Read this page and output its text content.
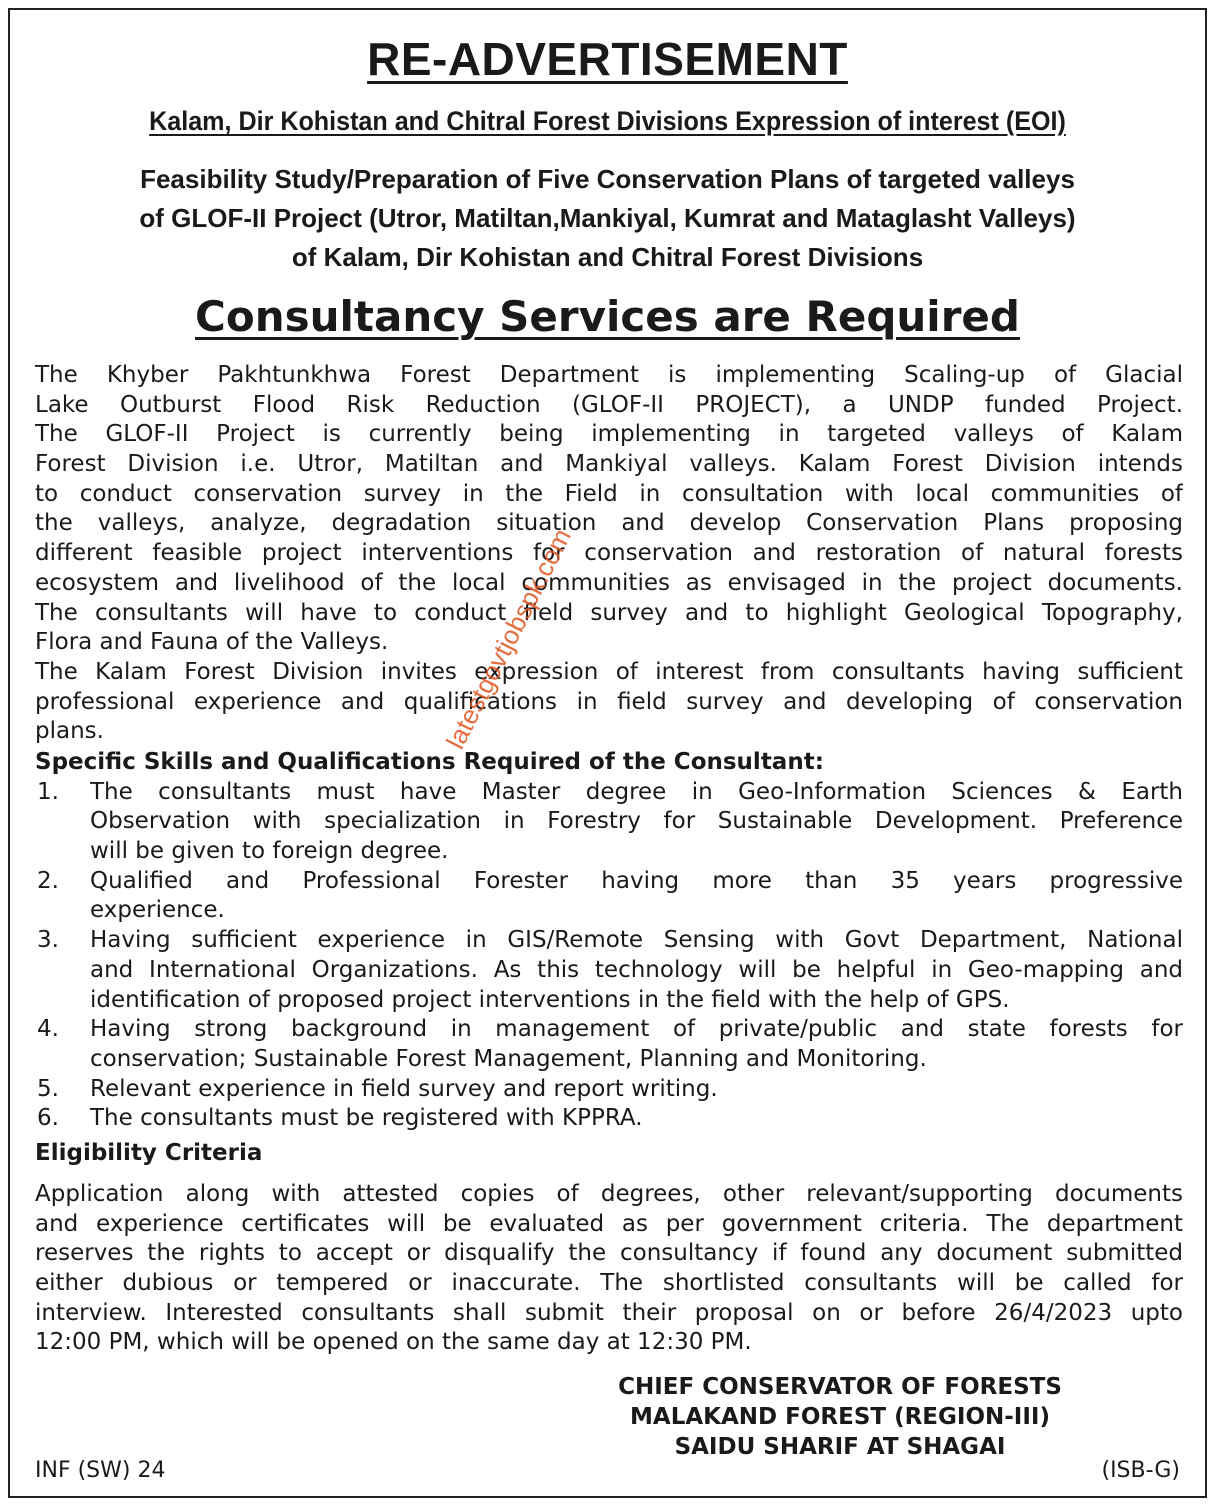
RE-ADVERTISEMENT
Kalam, Dir Kohistan and Chitral Forest Divisions Expression of interest (EOI)
Feasibility Study/Preparation of Five Conservation Plans of targeted valleys
of GLOF-II Project (Utror, Matiltan,Mankiyal, Kumrat and Mataglasht Valleys)
of Kalam, Dir Kohistan and Chitral Forest Divisions
Consultancy Services are Required
The Khyber Pakhtunkhwa Forest Department is implementing Scaling-up of Glacial
Lake Outburst Flood Risk Reduction (GLOF-II PROJECT), a UNDP funded Project.
The GLOF-II Project is currently being implementing in targeted valleys of Kalam
Forest Division i.e. Utror, Matiltan and Mankiyal valleys. Kalam Forest Division intends
to conduct conservation survey in the Field in consultation with local communities of
the valleys, analyze, degradation situation and develop Conservation Plans proposing
different feasible project interventions for conservation and restoration of natural forests
ecosystem and livelihood of the local communities as envisaged in the project documents.
The consultants will have to conduct field survey and to highlight Geological Topography,
Flora and Fauna of the Valleys.
The Kalam Forest Division invites expression of interest from consultants having sufficient
professional experience and qualifications in field survey and developing of conservation
plans.
Specific Skills and Qualifications Required of the Consultant:
1. The consultants must have Master degree in Geo-Information Sciences & Earth
Observation with specialization in Forestry for Sustainable Development. Preference
will be given to foreign degree.
2. Qualified and Professional Forester having more than 35 years progressive
experience.
3. Having sufficient experience in GIS/Remote Sensing with Govt Department, National
and International Organizations. As this technology will be helpful in Geo-mapping and
identification of proposed project interventions in the field with the help of GPS.
4. Having strong background in management of private/public and state forests for
conservation; Sustainable Forest Management, Planning and Monitoring.
5. Relevant experience in field survey and report writing.
6. The consultants must be registered with KPPRA.
Eligibility Criteria
Application along with attested copies of degrees, other relevant/supporting documents
and experience certificates will be evaluated as per government criteria. The department
reserves the rights to accept or disqualify the consultancy if found any document submitted
either dubious or tempered or inaccurate. The shortlisted consultants will be called for
interview. Interested consultants shall submit their proposal on or before 26/4/2023 upto
12:00 PM, which will be opened on the same day at 12:30 PM.
CHIEF CONSERVATOR OF FORESTS
MALAKAND FOREST (REGION-III)
SAIDU SHARIF AT SHAGAI
INF (SW) 24	(ISB-G)
latestgovtjobspk.com
